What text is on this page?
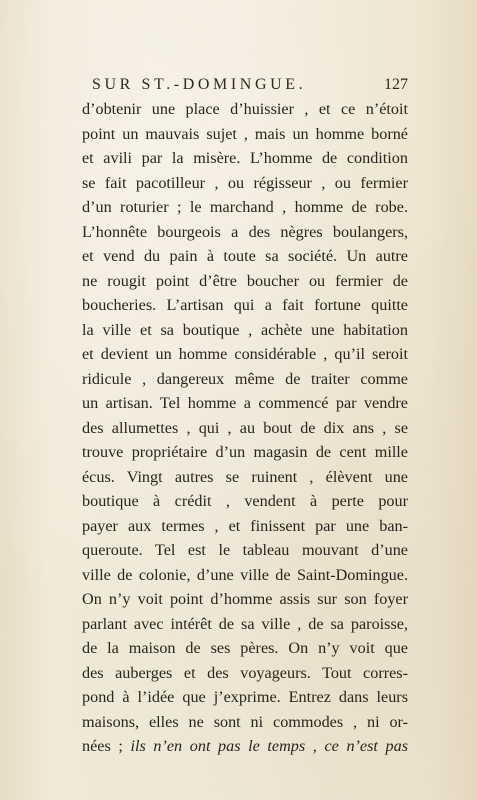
SUR ST.-DOMINGUE.	127
d’obtenir une place d’huissier , et ce n’étoit
point un mauvais sujet , mais un homme borné
et avili par la misère. L’homme de condition
se fait pacotilleur , ou régisseur , ou fermier
d’un roturier ; le marchand , homme de robe.
L’honnête bourgeois a des nègres boulangers,
et vend du pain à toute sa société. Un autre
ne rougit point d’être boucher ou fermier de
boucheries. L’artisan qui a fait fortune quitte
la ville et sa boutique , achète une habitation
et devient un homme considérable , qu’il seroit
ridicule , dangereux même de traiter comme
un artisan. Tel homme a commencé par vendre
des allumettes , qui , au bout de dix ans , se
trouve propriétaire d’un magasin de cent mille
écus. Vingt autres se ruinent , élèvent une
boutique à crédit , vendent à perte pour
payer aux termes , et finissent par une ban-
queroute. Tel est le tableau mouvant d’une
ville de colonie, d’une ville de Saint-Domingue.
On n’y voit point d’homme assis sur son foyer
parlant avec intérêt de sa ville , de sa paroisse,
de la maison de ses pères. On n’y voit que
des auberges et des voyageurs. Tout corres-
pond à l’idée que j’exprime. Entrez dans leurs
maisons, elles ne sont ni commodes , ni or-
nées ; ils n’en ont pas le temps , ce n’est pas
